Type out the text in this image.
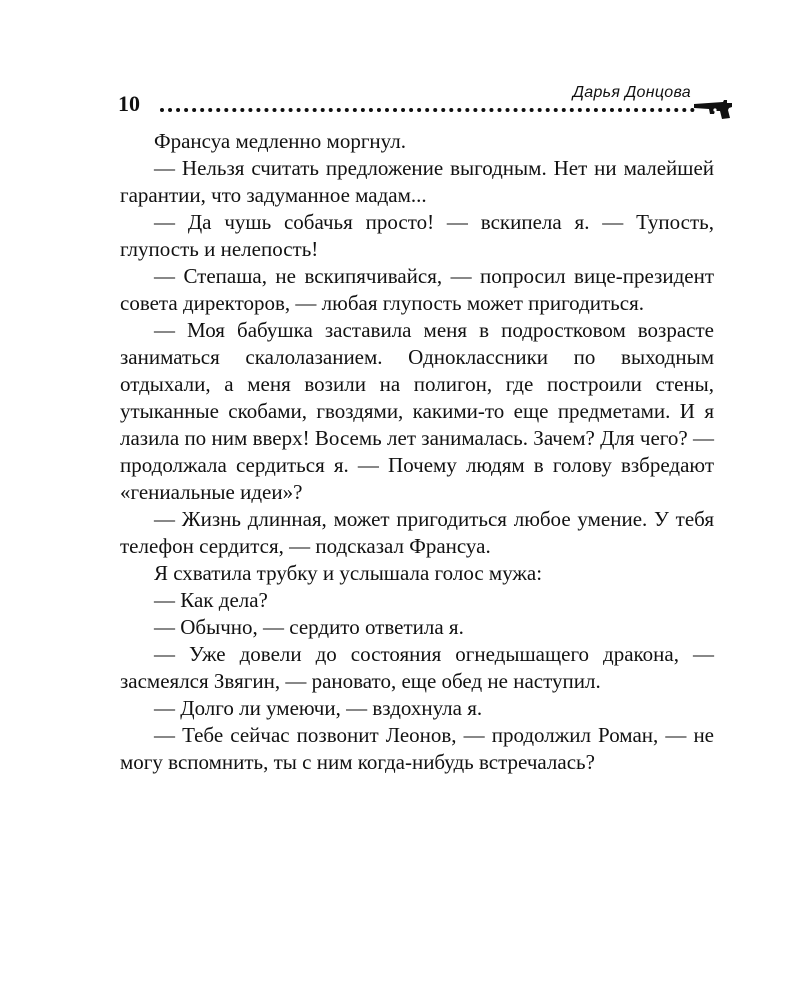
10	Дарья Донцова

Франсуа медленно моргнул.

— Нельзя считать предложение выгодным. Нет ни малейшей гарантии, что задуманное мадам...

— Да чушь собачья просто! — вскипела я. — Тупость, глупость и нелепость!

— Степаша, не вскипячивайся, — попросил вице-президент совета директоров, — любая глупость может пригодиться.

— Моя бабушка заставила меня в подростковом возрасте заниматься скалолазанием. Одноклассники по выходным отдыхали, а меня возили на полигон, где построили стены, утыканные скобами, гвоздями, какими-то еще предметами. И я лазила по ним вверх! Восемь лет занималась. Зачем? Для чего? — продолжала сердиться я. — Почему людям в голову взбредают «гениальные идеи»?

— Жизнь длинная, может пригодиться любое умение. У тебя телефон сердится, — подсказал Франсуа.

Я схватила трубку и услышала голос мужа:

— Как дела?

— Обычно, — сердито ответила я.

— Уже довели до состояния огнедышащего дракона, — засмеялся Звягин, — рановато, еще обед не наступил.

— Долго ли умеючи, — вздохнула я.

— Тебе сейчас позвонит Леонов, — продолжил Роман, — не могу вспомнить, ты с ним когда-нибудь встречалась?
